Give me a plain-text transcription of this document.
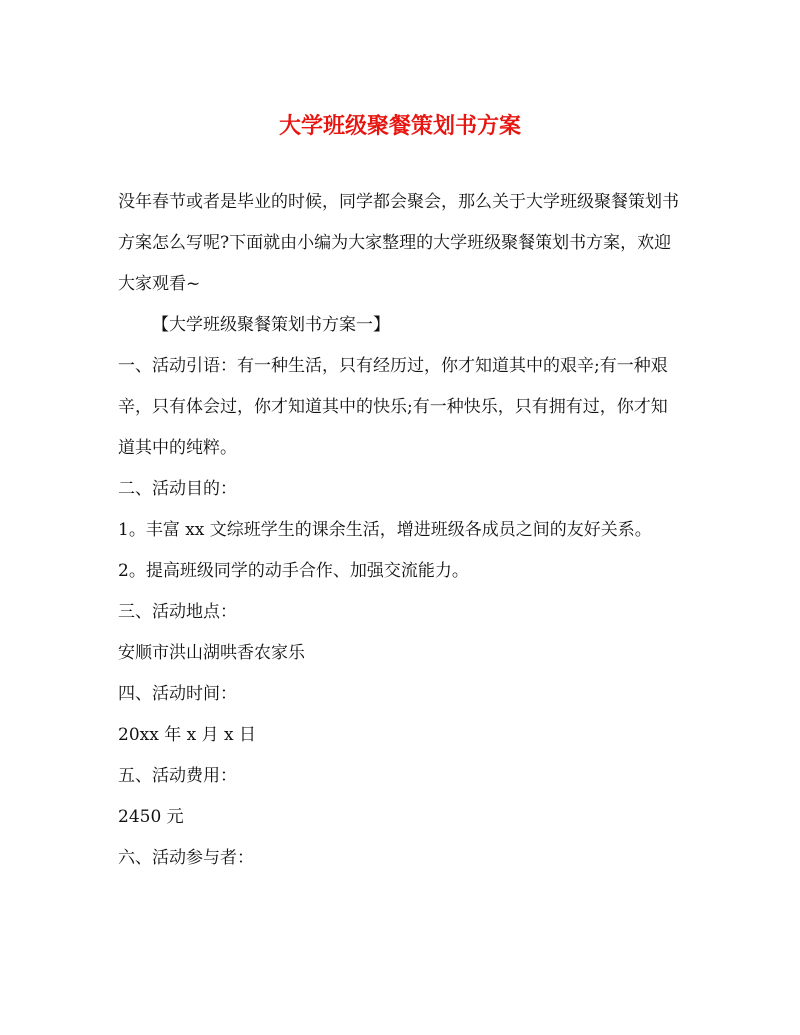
大学班级聚餐策划书方案

没年春节或者是毕业的时候，同学都会聚会，那么关于大学班级聚餐策划书方案怎么写呢?下面就由小编为大家整理的大学班级聚餐策划书方案，欢迎大家观看~

【大学班级聚餐策划书方案一】

一、活动引语：有一种生活，只有经历过，你才知道其中的艰辛;有一种艰辛，只有体会过，你才知道其中的快乐;有一种快乐，只有拥有过，你才知道其中的纯粹。

二、活动目的：

1。丰富 xx 文综班学生的课余生活，增进班级各成员之间的友好关系。

2。提高班级同学的动手合作、加强交流能力。

三、活动地点：

安顺市洪山湖哄香农家乐

四、活动时间：

20xx 年 x 月 x 日

五、活动费用：

2450 元

六、活动参与者：
